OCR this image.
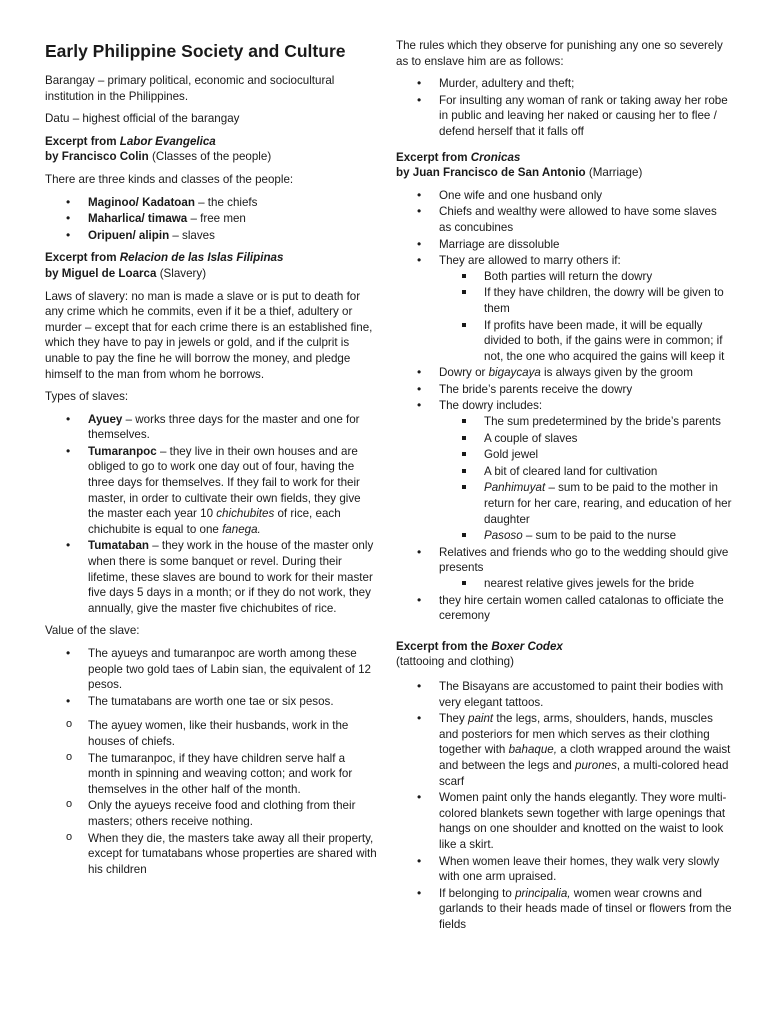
Early Philippine Society and Culture

Barangay – primary political, economic and sociocultural institution in the Philippines.

Datu – highest official of the barangay

Excerpt from Labor Evangelica
by Francisco Colin (Classes of the people)

There are three kinds and classes of the people:

• Maginoo/ Kadatoan – the chiefs
• Maharlica/ timawa – free men
• Oripuen/ alipin – slaves
Excerpt from Relacion de las Islas Filipinas
by Miguel de Loarca (Slavery)

Laws of slavery: no man is made a slave or is put to death for any crime which he commits, even if it be a thief, adultery or murder – except that for each crime there is an established fine, which they have to pay in jewels or gold, and if the culprit is unable to pay the fine he will borrow the money, and pledge himself to the man from whom he borrows.

Types of slaves:

• Ayuey – works three days for the master and one for themselves.
• Tumaranpoc – they live in their own houses and are obliged to go to work one day out of four, having the three days for themselves. If they fail to work for their master, in order to cultivate their own fields, they give the master each year 10 chichubites of rice, each chichubite is equal to one fanega.
• Tumataban – they work in the house of the master only when there is some banquet or revel. During their lifetime, these slaves are bound to work for their master five days 5 days in a month; or if they do not work, they annually, give the master five chichubites of rice.

Value of the slave:

• The ayueys and tumaranpoc are worth among these people two gold taes of Labin sian, the equivalent of 12 pesos.
• The tumatabans are worth one tae or six pesos.
o The ayuey women, like their husbands, work in the houses of chiefs.
o The tumaranpoc, if they have children serve half a month in spinning and weaving cotton; and work for themselves in the other half of the month.
o Only the ayueys receive food and clothing from their masters; others receive nothing.
o When they die, the masters take away all their property, except for tumatabans whose properties are shared with his children

The rules which they observe for punishing any one so severely as to enslave him are as follows:

• Murder, adultery and theft;
• For insulting any woman of rank or taking away her robe in public and leaving her naked or causing her to flee / defend herself that it falls off
Excerpt from Cronicas
by Juan Francisco de San Antonio (Marriage)
• One wife and one husband only
• Chiefs and wealthy were allowed to have some slaves as concubines
• Marriage are dissoluble
• They are allowed to marry others if:
Both parties will return the dowry
If they have children, the dowry will be given to them
If profits have been made, it will be equally divided to both, if the gains were in common; if not, the one who acquired the gains will keep it
• Dowry or bigaycaya is always given by the groom
• The bride’s parents receive the dowry
• The dowry includes:
The sum predetermined by the bride’s parents
A couple of slaves
Gold jewel
A bit of cleared land for cultivation
Panhimuyat – sum to be paid to the mother in return for her care, rearing, and education of her daughter
Pasoso – sum to be paid to the nurse
• Relatives and friends who go to the wedding should give presents
nearest relative gives jewels for the bride
• they hire certain women called catalonas to officiate the ceremony
Excerpt from the Boxer Codex
(tattooing and clothing)
• The Bisayans are accustomed to paint their bodies with very elegant tattoos.
• They paint the legs, arms, shoulders, hands, muscles and posteriors for men which serves as their clothing together with bahaque, a cloth wrapped around the waist and between the legs and purones, a multi-colored head scarf
• Women paint only the hands elegantly. They wore multi-colored blankets sewn together with large openings that hangs on one shoulder and knotted on the waist to look like a skirt.
• When women leave their homes, they walk very slowly with one arm upraised.
• If belonging to principalia, women wear crowns and garlands to their heads made of tinsel or flowers from the fields
